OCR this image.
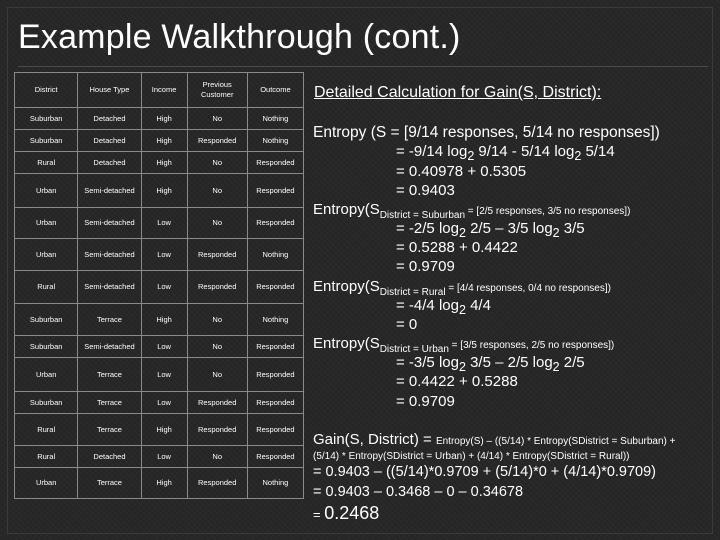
Example Walkthrough (cont.)
District	House Type	Income	Previous Customer	Outcome
Suburban	Detached	High	No	Nothing
Suburban	Detached	High	Responded	Nothing
Rural	Detached	High	No	Responded
Urban	Semi-detached	High	No	Responded
Urban	Semi-detached	Low	No	Responded
Urban	Semi-detached	Low	Responded	Nothing
Rural	Semi-detached	Low	Responded	Responded
Suburban	Terrace	High	No	Nothing
Suburban	Semi-detached	Low	No	Responded
Urban	Terrace	Low	No	Responded
Suburban	Terrace	Low	Responded	Responded
Rural	Terrace	High	Responded	Responded
Rural	Detached	Low	No	Responded
Urban	Terrace	High	Responded	Nothing
Detailed Calculation for Gain(S, District):
Entropy (S = [9/14 responses, 5/14 no responses])
= -9/14 $\log_2 9/14 - 5/14$ $\log_2 5/14$
= 0.40978 + 0.5305
= 0.9403
$Entropy(S_{District = Suburban} = [2/5$ responses, 3/5 no responses])
= -2/5 $\log_2 2/5 - 3/5$ $\log_2 3/5$
= 0.5288 + 0.4422
= 0.9709
$Entropy(S_{District = Rural} = [4/4$ responses, 0/4 no responses])
= -4/4 $\log_2 4/4$
= 0
$Entropy(S_{District = Urban} = [3/5$ responses, 2/5 no responses])
= -3/5 $\log_2 3/5 - 2/5$ $\log_2 2/5$
= 0.4422 + 0.5288
= 0.9709
Gain(S, District) = Entropy(S) – ((5/14) * Entropy(SDistrict = Suburban) +
(5/14) * Entropy(SDistrict = Urban) + (4/14) * Entropy(SDistrict = Rural))
= 0.9403 – ((5/14)*0.9709 + (5/14)*0 + (4/14)*0.9709)
= 0.9403 – 0.3468 – 0 – 0.34678
= 0.2468
